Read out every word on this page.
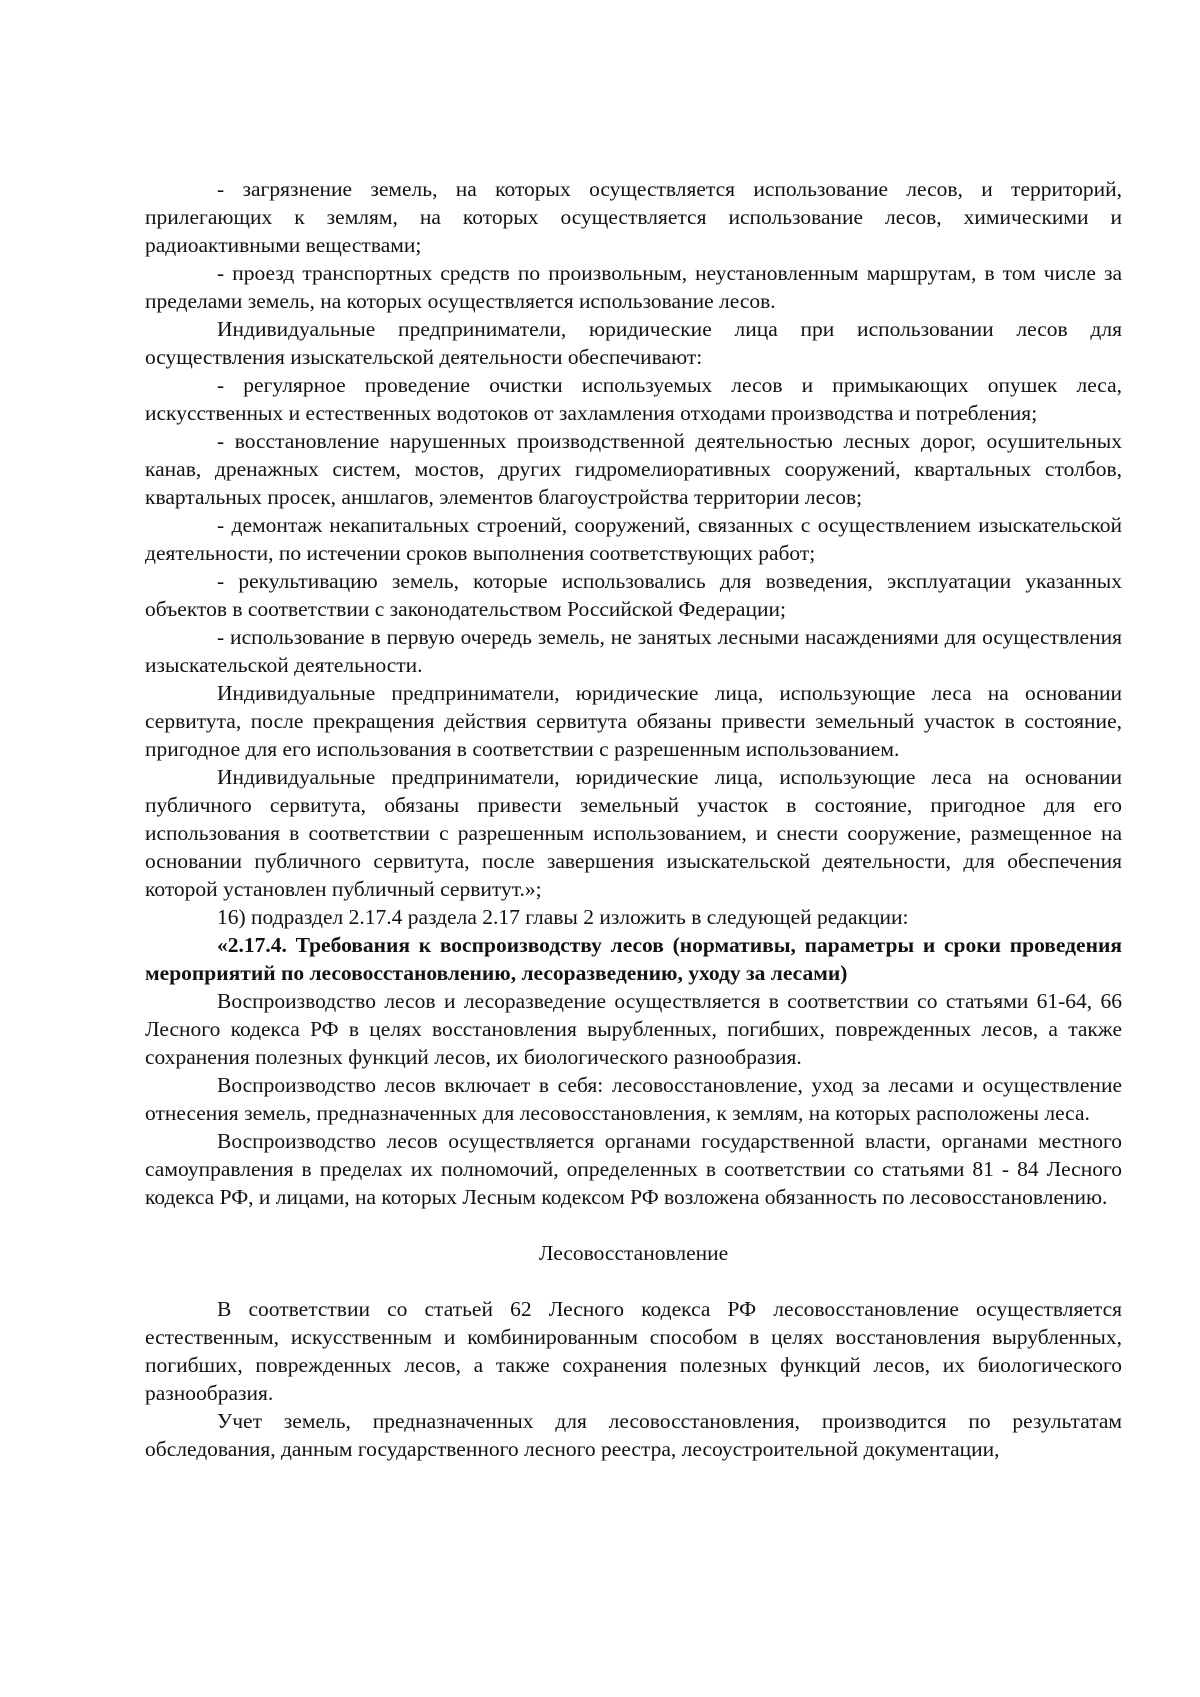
- загрязнение земель, на которых осуществляется использование лесов, и территорий, прилегающих к землям, на которых осуществляется использование лесов, химическими и радиоактивными веществами;

- проезд транспортных средств по произвольным, неустановленным маршрутам, в том числе за пределами земель, на которых осуществляется использование лесов.

Индивидуальные предприниматели, юридические лица при использовании лесов для осуществления изыскательской деятельности обеспечивают:

- регулярное проведение очистки используемых лесов и примыкающих опушек леса, искусственных и естественных водотоков от захламления отходами производства и потребления;

- восстановление нарушенных производственной деятельностью лесных дорог, осушительных канав, дренажных систем, мостов, других гидромелиоративных сооружений, квартальных столбов, квартальных просек, аншлагов, элементов благоустройства территории лесов;

- демонтаж некапитальных строений, сооружений, связанных с осуществлением изыскательской деятельности, по истечении сроков выполнения соответствующих работ;

- рекультивацию земель, которые использовались для возведения, эксплуатации указанных объектов в соответствии с законодательством Российской Федерации;

- использование в первую очередь земель, не занятых лесными насаждениями для осуществления изыскательской деятельности.

Индивидуальные предприниматели, юридические лица, использующие леса на основании сервитута, после прекращения действия сервитута обязаны привести земельный участок в состояние, пригодное для его использования в соответствии с разрешенным использованием.

Индивидуальные предприниматели, юридические лица, использующие леса на основании публичного сервитута, обязаны привести земельный участок в состояние, пригодное для его использования в соответствии с разрешенным использованием, и снести сооружение, размещенное на основании публичного сервитута, после завершения изыскательской деятельности, для обеспечения которой установлен публичный сервитут.»;

16) подраздел 2.17.4 раздела 2.17 главы 2 изложить в следующей редакции:

«2.17.4. Требования к воспроизводству лесов (нормативы, параметры и сроки проведения мероприятий по лесовосстановлению, лесоразведению, уходу за лесами)

Воспроизводство лесов и лесоразведение осуществляется в соответствии со статьями 61-64, 66 Лесного кодекса РФ в целях восстановления вырубленных, погибших, поврежденных лесов, а также сохранения полезных функций лесов, их биологического разнообразия.

Воспроизводство лесов включает в себя: лесовосстановление, уход за лесами и осуществление отнесения земель, предназначенных для лесовосстановления, к землям, на которых расположены леса.

Воспроизводство лесов осуществляется органами государственной власти, органами местного самоуправления в пределах их полномочий, определенных в соответствии со статьями 81 - 84 Лесного кодекса РФ, и лицами, на которых Лесным кодексом РФ возложена обязанность по лесовосстановлению.

Лесовосстановление

В соответствии со статьей 62 Лесного кодекса РФ лесовосстановление осуществляется естественным, искусственным и комбинированным способом в целях восстановления вырубленных, погибших, поврежденных лесов, а также сохранения полезных функций лесов, их биологического разнообразия.

Учет земель, предназначенных для лесовосстановления, производится по результатам обследования, данным государственного лесного реестра, лесоустроительной документации,
